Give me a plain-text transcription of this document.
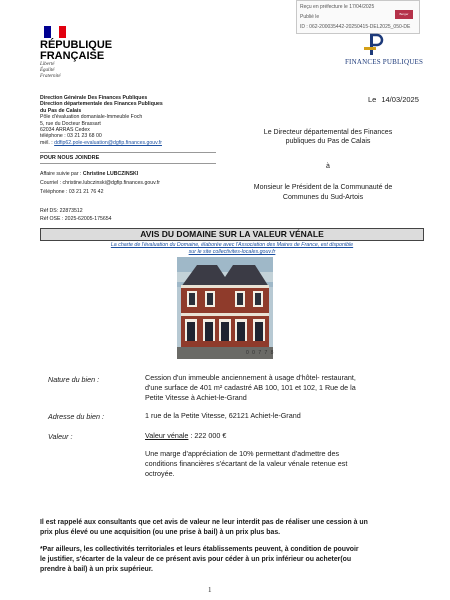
Reçu en préfecture le 17/04/2025
Publié le
ID : 062-200035442-20250415-DEL2025_050-DE
Berger Levrault
RÉPUBLIQUE
FRANÇAISE
Liberté
Égalité
Fraternité
FINANCES PUBLIQUES
Direction Générale Des Finances Publiques
Direction départementale des Finances Publiques
du Pas de Calais
Pôle d'évaluation domaniale-Immeuble Foch
5, rue du Docteur Brassart
62034 ARRAS Cedex
téléphone : 03 21 23 68 00
mél. : ddfip62.pole-evaluation@dgfip.finances.gouv.fr
POUR NOUS JOINDRE
Affaire suivie par : Christine LUBCZINSKI
Courriel : christine.lubczinski@dgfip.finances.gouv.fr
Téléphone : 03 21 21 76 42
Réf DS: 22873512
Réf OSE : 2025-62005-175654
Le 14/03/2025
Le Directeur départemental des Finances
publiques du Pas de Calais
à
Monsieur le Président de la Communauté de
Communes du Sud-Artois
AVIS DU DOMAINE SUR LA VALEUR VÉNALE
La charte de l'évaluation du Domaine, élaborée avec l'Association des Maires de France, est disponible
sur le site collectivites-locales.gouv.fr
0 0 7 7 8
Nature du bien :	Cession d'un immeuble anciennement à usage d'hôtel- restaurant,
d'une surface de 401 m² cadastré AB 100, 101 et 102, 1 Rue de la
Petite Vitesse à Achiet-le-Grand
Adresse du bien :	1 rue de la Petite Vitesse, 62121 Achiet-le-Grand
Valeur :	Valeur vénale : 222 000 €
Une marge d'appréciation de 10% permettant d'admettre des
conditions financières s'écartant de la valeur vénale retenue est
octroyée.
Il est rappelé aux consultants que cet avis de valeur ne leur interdit pas de réaliser une cession à un
prix plus élevé ou une acquisition (ou une prise à bail) à un prix plus bas.
*Par ailleurs, les collectivités territoriales et leurs établissements peuvent, à condition de pouvoir
le justifier, s'écarter de la valeur de ce présent avis pour céder à un prix inférieur ou acheter(ou
prendre à bail) à un prix supérieur.
1
